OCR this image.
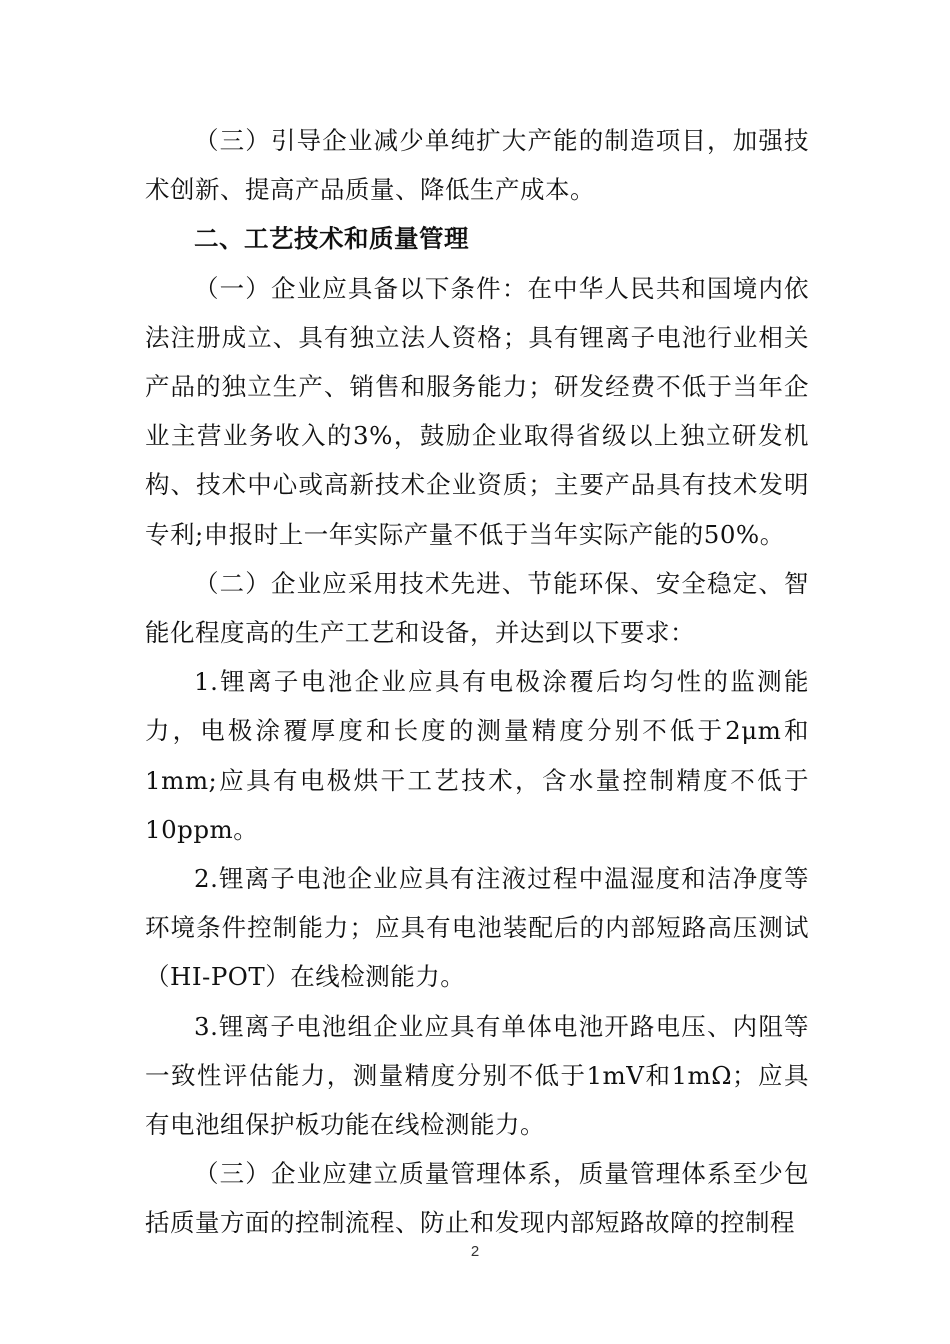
（三）引导企业减少单纯扩大产能的制造项目，加强技术创新、提高产品质量、降低生产成本。

二、工艺技术和质量管理

（一）企业应具备以下条件：在中华人民共和国境内依法注册成立、具有独立法人资格；具有锂离子电池行业相关产品的独立生产、销售和服务能力；研发经费不低于当年企业主营业务收入的3%，鼓励企业取得省级以上独立研发机构、技术中心或高新技术企业资质；主要产品具有技术发明专利;申报时上一年实际产量不低于当年实际产能的50%。

（二）企业应采用技术先进、节能环保、安全稳定、智能化程度高的生产工艺和设备，并达到以下要求：

1.锂离子电池企业应具有电极涂覆后均匀性的监测能力，电极涂覆厚度和长度的测量精度分别不低于2μm和1mm;应具有电极烘干工艺技术，含水量控制精度不低于10ppm。

2.锂离子电池企业应具有注液过程中温湿度和洁净度等环境条件控制能力；应具有电池装配后的内部短路高压测试（HI-POT）在线检测能力。

3.锂离子电池组企业应具有单体电池开路电压、内阻等一致性评估能力，测量精度分别不低于1mV和1mΩ；应具有电池组保护板功能在线检测能力。

（三）企业应建立质量管理体系，质量管理体系至少包括质量方面的控制流程、防止和发现内部短路故障的控制程

2
